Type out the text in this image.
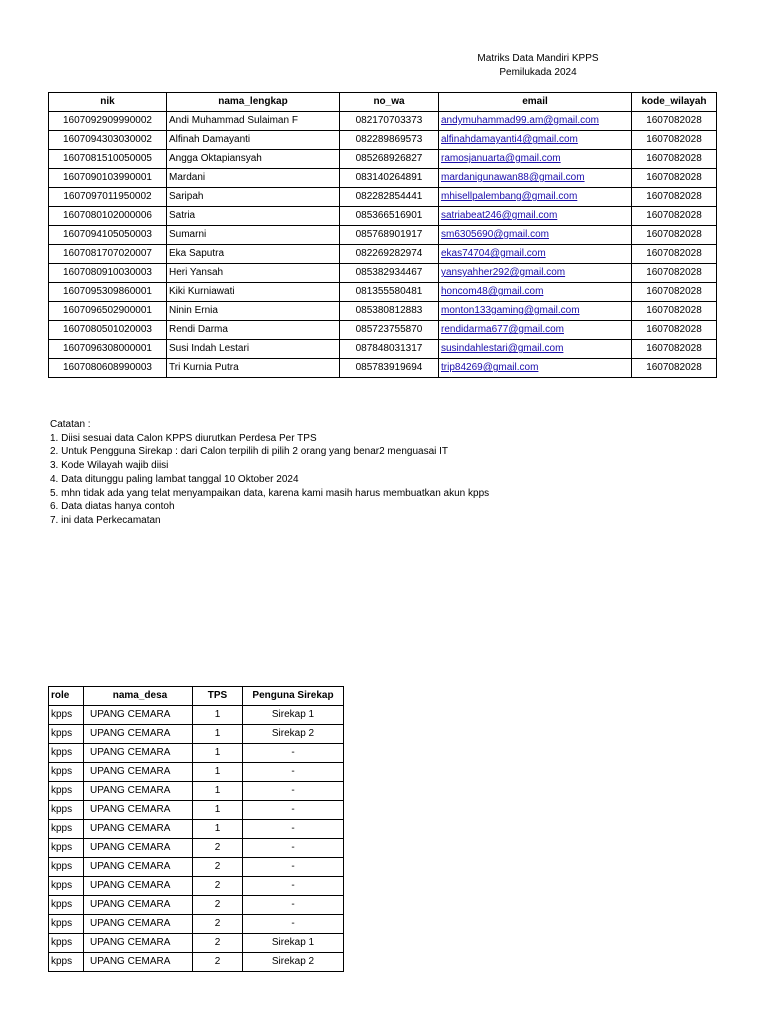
Matriks Data Mandiri KPPS
Pemilukada 2024
nik	nama_lengkap	no_wa	email	kode_wilayah
1607092909990002	Andi Muhammad Sulaiman F	082170703373	andymuhammad99.am@gmail.com	1607082028
1607094303030002	Alfinah Damayanti	082289869573	alfinahdamayanti4@gmail.com	1607082028
1607081510050005	Angga Oktapiansyah	085268926827	ramosjanuarta@gmail.com	1607082028
1607090103990001	Mardani	083140264891	mardanigunawan88@gmail.com	1607082028
1607097011950002	Saripah	082282854441	mhisellpalembang@gmail.com	1607082028
1607080102000006	Satria	085366516901	satriabeat246@gmail.com	1607082028
1607094105050003	Sumarni	085768901917	sm6305690@gmail.com	1607082028
1607081707020007	Eka Saputra	082269282974	ekas74704@gmail.com	1607082028
1607080910030003	Heri Yansah	085382934467	yansyahher292@gmail.com	1607082028
1607095309860001	Kiki Kurniawati	081355580481	honcom48@gmail.com	1607082028
1607096502900001	Ninin Ernia	085380812883	monton133gaming@gmail.com	1607082028
1607080501020003	Rendi Darma	085723755870	rendidarma677@gmail.com	1607082028
1607096308000001	Susi Indah Lestari	087848031317	susindahlestari@gmail.com	1607082028
1607080608990003	Tri Kurnia Putra	085783919694	trip84269@gmail.com	1607082028
Catatan :
1. Diisi sesuai data Calon KPPS diurutkan Perdesa Per TPS
2. Untuk Pengguna Sirekap : dari Calon terpilih di pilih 2 orang yang benar2 menguasai IT
3. Kode Wilayah wajib diisi
4. Data ditunggu paling lambat tanggal 10 Oktober 2024
5. mhn tidak ada yang telat menyampaikan data, karena kami masih harus membuatkan akun kpps
6. Data diatas hanya contoh
7. ini data Perkecamatan
role	nama_desa	TPS	Penguna Sirekap
kpps	UPANG CEMARA	1	Sirekap 1
kpps	UPANG CEMARA	1	Sirekap 2
kpps	UPANG CEMARA	1	-
kpps	UPANG CEMARA	1	-
kpps	UPANG CEMARA	1	-
kpps	UPANG CEMARA	1	-
kpps	UPANG CEMARA	1	-
kpps	UPANG CEMARA	2	-
kpps	UPANG CEMARA	2	-
kpps	UPANG CEMARA	2	-
kpps	UPANG CEMARA	2	-
kpps	UPANG CEMARA	2	-
kpps	UPANG CEMARA	2	Sirekap 1
kpps	UPANG CEMARA	2	Sirekap 2
